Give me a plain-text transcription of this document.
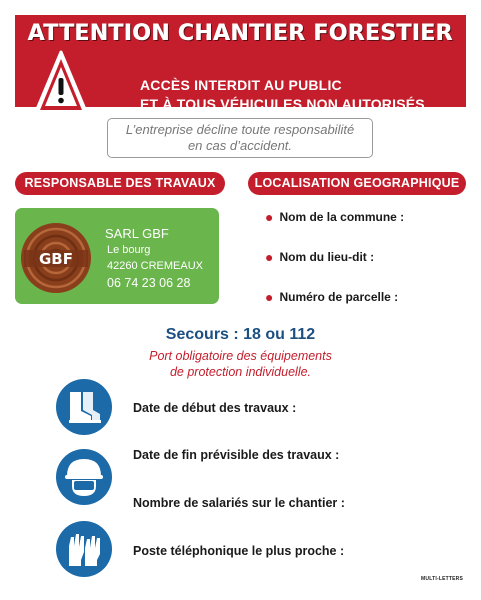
ATTENTION CHANTIER FORESTIER
ACCÈS INTERDIT AU PUBLIC
ET À TOUS VÉHICULES NON AUTORISÉS
L’entreprise décline toute responsabilité
en cas d’accident.
RESPONSABLE DES TRAVAUX	LOCALISATION GEOGRAPHIQUE
GBF
SARL GBF
Le bourg
42260 CREMEAUX
06 74 23 06 28
● Nom de la commune :
● Nom du lieu-dit :
● Numéro de parcelle :
Secours : 18 ou 112
Port obligatoire des équipements
de protection individuelle.
Date de début des travaux :
Date de fin prévisible des travaux :
Nombre de salariés sur le chantier :
Poste téléphonique le plus proche :
MULTI-LETTERS
